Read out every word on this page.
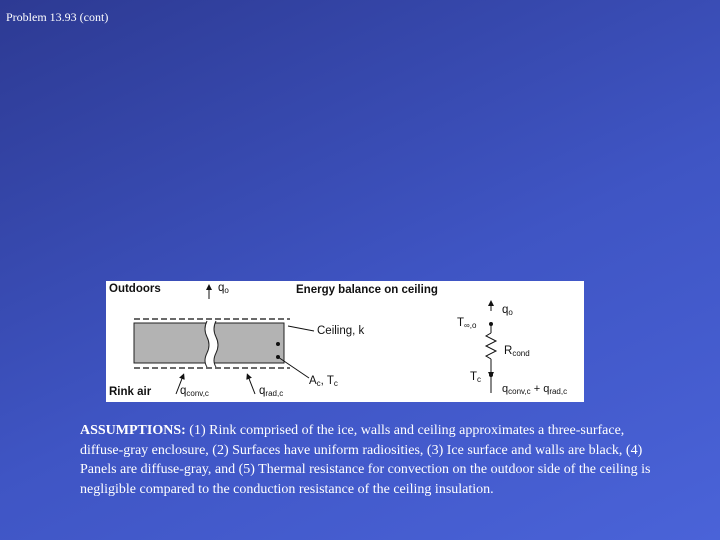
Problem 13.93 (cont)
Outdoors
Rink air
Energy balance on ceiling
$q_o$
Ceiling, k
$q_{conv,c}$	$q_{rad,c}$
$A_c$, $T_c$
$q_o$
$T_{\infty,o}$
$R_{cond}$
$T_c$
$q_{conv,c} + q_{rad,c}$
ASSUMPTIONS: (1) Rink comprised of the ice, walls and ceiling approximates a three-surface, diffuse-gray enclosure, (2) Surfaces have uniform radiosities, (3) Ice surface and walls are black, (4) Panels are diffuse-gray, and (5) Thermal resistance for convection on the outdoor side of the ceiling is negligible compared to the conduction resistance of the ceiling insulation.
